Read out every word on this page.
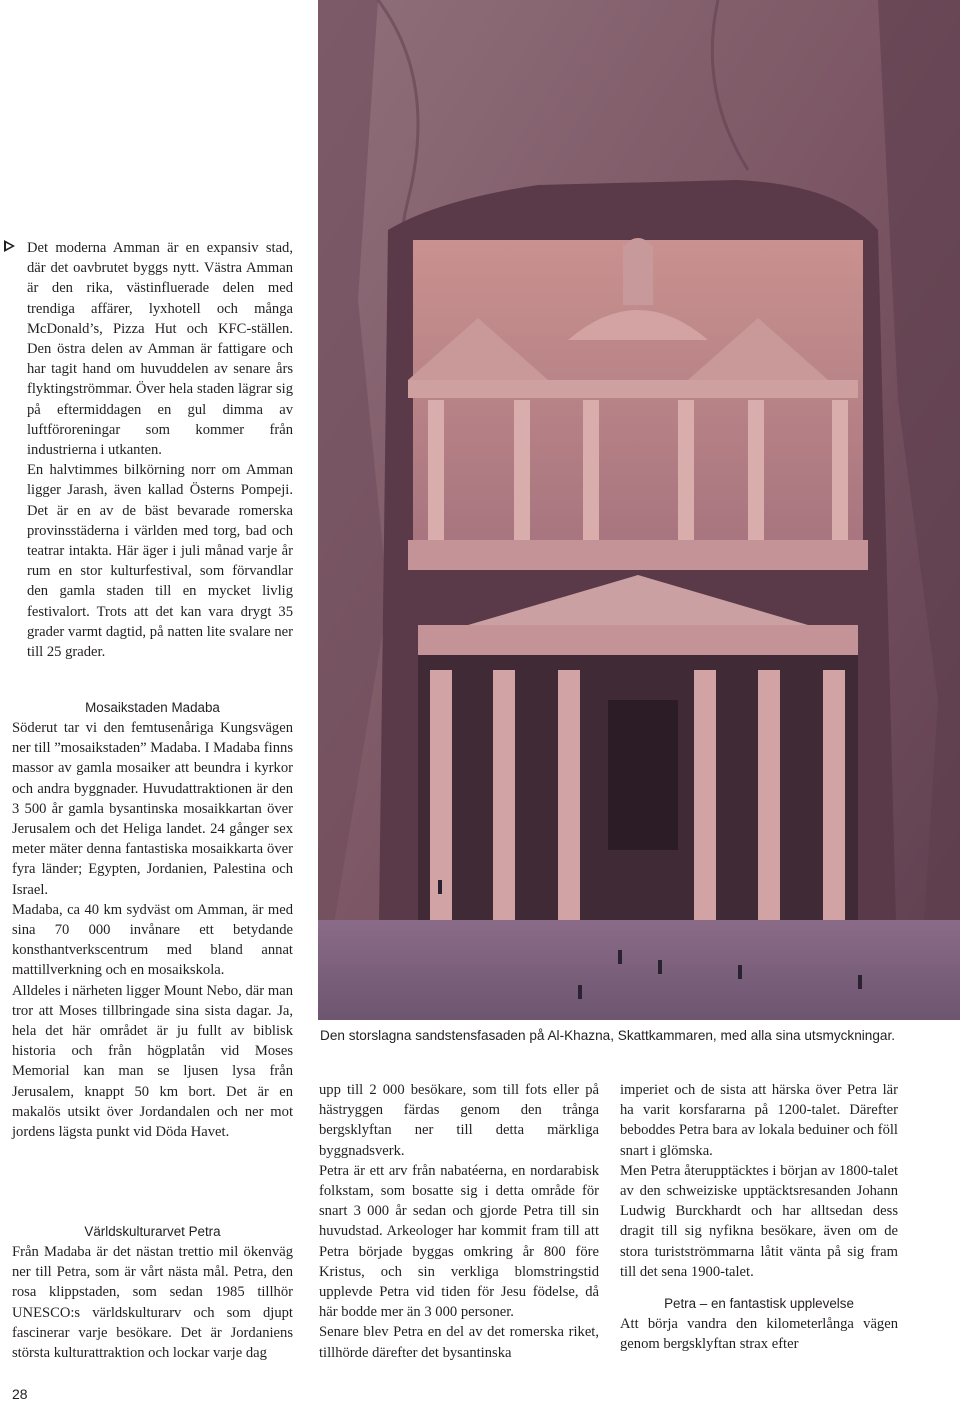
Det moderna Amman är en expansiv stad, där det oavbrutet byggs nytt. Västra Amman är den rika, västinfluerade delen med trendiga affärer, lyxhotell och många McDonald’s, Pizza Hut och KFC-ställen. Den östra delen av Amman är fattigare och har tagit hand om huvuddelen av senare års flyktingströmmar. Över hela staden lägrar sig på eftermiddagen en gul dimma av luftföroreningar som kommer från industrierna i utkanten.

En halvtimmes bilkörning norr om Amman ligger Jarash, även kallad Österns Pompeji. Det är en av de bäst bevarade romerska provinsstäderna i världen med torg, bad och teatrar intakta. Här äger i juli månad varje år rum en stor kulturfestival, som förvandlar den gamla staden till en mycket livlig festivalort. Trots att det kan vara drygt 35 grader varmt dagtid, på natten lite svalare ner till 25 grader.

Mosaikstaden Madaba

Söderut tar vi den femtusenåriga Kungsvägen ner till ”mosaikstaden” Madaba. I Madaba finns massor av gamla mosaiker att beundra i kyrkor och andra byggnader. Huvudattraktionen är den 3 500 år gamla bysantinska mosaikkartan över Jerusalem och det Heliga landet. 24 gånger sex meter mäter denna fantastiska mosaikkarta över fyra länder; Egypten, Jordanien, Palestina och Israel.

Madaba, ca 40 km sydväst om Amman, är med sina 70 000 invånare ett betydande konsthantverkscentrum med bland annat mattillverkning och en mosaikskola.

Alldeles i närheten ligger Mount Nebo, där man tror att Moses tillbringade sina sista dagar. Ja, hela det här området är ju fullt av biblisk historia och från högplatån vid Moses Memorial kan man se ljusen lysa från Jerusalem, knappt 50 km bort. Det är en makalös utsikt över Jordandalen och ner mot jordens lägsta punkt vid Döda Havet.

Världskulturarvet Petra

Från Madaba är det nästan trettio mil ökenväg ner till Petra, som är vårt nästa mål. Petra, den rosa klippstaden, som sedan 1985 tillhör UNESCO:s världskulturarv och som djupt fascinerar varje besökare. Det är Jordaniens största kulturattraktion och lockar varje dag

Den storslagna sandstensfasaden på Al-Khazna, Skattkammaren, med alla sina utsmyckningar.

upp till 2 000 besökare, som till fots eller på hästryggen färdas genom den trånga bergsklyftan ner till detta märkliga byggnadsverk.

Petra är ett arv från nabatéerna, en nordarabisk folkstam, som bosatte sig i detta område för snart 3 000 år sedan och gjorde Petra till sin huvudstad. Arkeologer har kommit fram till att Petra började byggas omkring år 800 före Kristus, och sin verkliga blomstringstid upplevde Petra vid tiden för Jesu födelse, då här bodde mer än 3 000 personer.

Senare blev Petra en del av det romerska riket, tillhörde därefter det bysantinska

imperiet och de sista att härska över Petra lär ha varit korsfararna på 1200-talet. Därefter beboddes Petra bara av lokala beduiner och föll snart i glömska.

Men Petra återupptäcktes i början av 1800-talet av den schweiziske upptäcktsresanden Johann Ludwig Burckhardt och har alltsedan dess dragit till sig nyfikna besökare, även om de stora turistströmmarna låtit vänta på sig fram till det sena 1900-talet.

Petra – en fantastisk upplevelse

Att börja vandra den kilometerlånga vägen genom bergsklyftan strax efter

28
